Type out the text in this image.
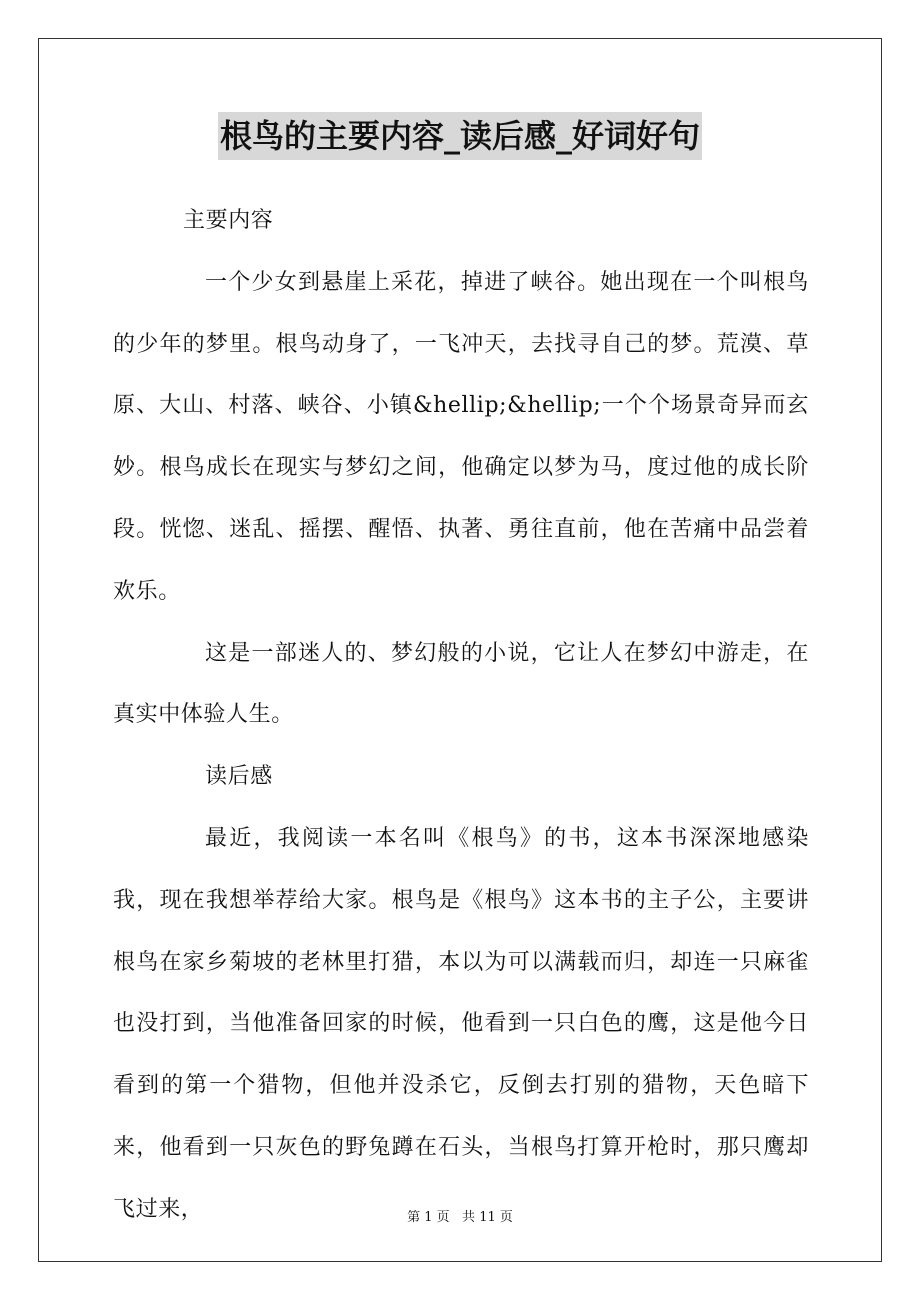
根鸟的主要内容_读后感_好词好句

主要内容

一个少女到悬崖上采花，掉进了峡谷。她出现在一个叫根鸟的少年的梦里。根鸟动身了，一飞冲天，去找寻自己的梦。荒漠、草原、大山、村落、峡谷、小镇&hellip;&hellip;一个个场景奇异而玄妙。根鸟成长在现实与梦幻之间，他确定以梦为马，度过他的成长阶段。恍惚、迷乱、摇摆、醒悟、执著、勇往直前，他在苦痛中品尝着欢乐。

这是一部迷人的、梦幻般的小说，它让人在梦幻中游走，在真实中体验人生。

读后感

最近，我阅读一本名叫《根鸟》的书，这本书深深地感染我，现在我想举荐给大家。根鸟是《根鸟》这本书的主子公，主要讲根鸟在家乡菊坡的老林里打猎，本以为可以满载而归，却连一只麻雀也没打到，当他准备回家的时候，他看到一只白色的鹰，这是他今日看到的第一个猎物，但他并没杀它，反倒去打别的猎物，天色暗下来，他看到一只灰色的野兔蹲在石头，当根鸟打算开枪时，那只鹰却飞过来，	第 1 页   共 11 页
